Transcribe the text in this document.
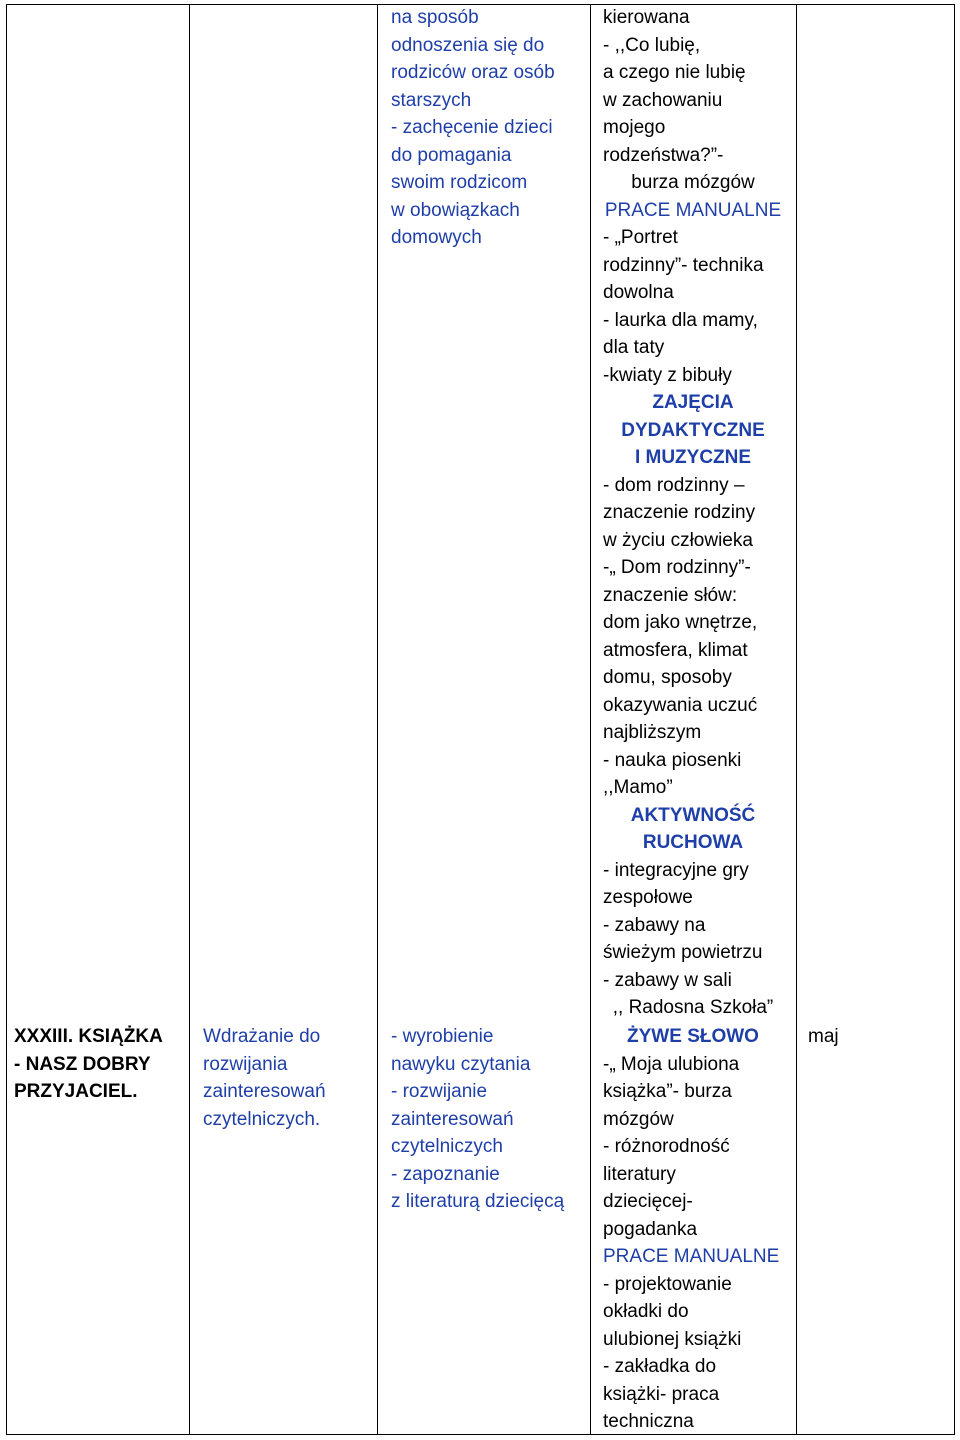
XXXIII. KSIĄŻKA
- NASZ DOBRY
PRZYJACIEL.
Wdrażanie do
rozwijania
zainteresowań
czytelniczych.
na sposób
odnoszenia się do
rodziców oraz osób
starszych
- zachęcenie dzieci
do pomagania
swoim rodzicom
w obowiązkach
domowych
- wyrobienie
nawyku czytania
- rozwijanie
zainteresowań
czytelniczych
- zapoznanie
z literaturą dziecięcą
kierowana
- ,,Co lubię,
a czego nie lubię
w zachowaniu
mojego
rodzeństwa?”-
burza mózgów
PRACE MANUALNE
- „Portret
rodzinny”- technika
dowolna
- laurka dla mamy,
dla taty
-kwiaty z bibuły
ZAJĘCIA
DYDAKTYCZNE
I MUZYCZNE
- dom rodzinny –
znaczenie rodziny
w życiu człowieka
-„ Dom rodzinny”-
znaczenie słów:
dom jako wnętrze,
atmosfera, klimat
domu, sposoby
okazywania uczuć
najbliższym
- nauka piosenki
,,Mamo”
AKTYWNOŚĆ
RUCHOWA
- integracyjne gry
zespołowe
- zabawy na
świeżym powietrzu
- zabawy w sali
,, Radosna Szkoła”
ŻYWE SŁOWO
-„ Moja ulubiona
książka”- burza
mózgów
- różnorodność
literatury
dziecięcej-
pogadanka
PRACE MANUALNE
- projektowanie
okładki do
ulubionej książki
- zakładka do
książki- praca
techniczna
maj
